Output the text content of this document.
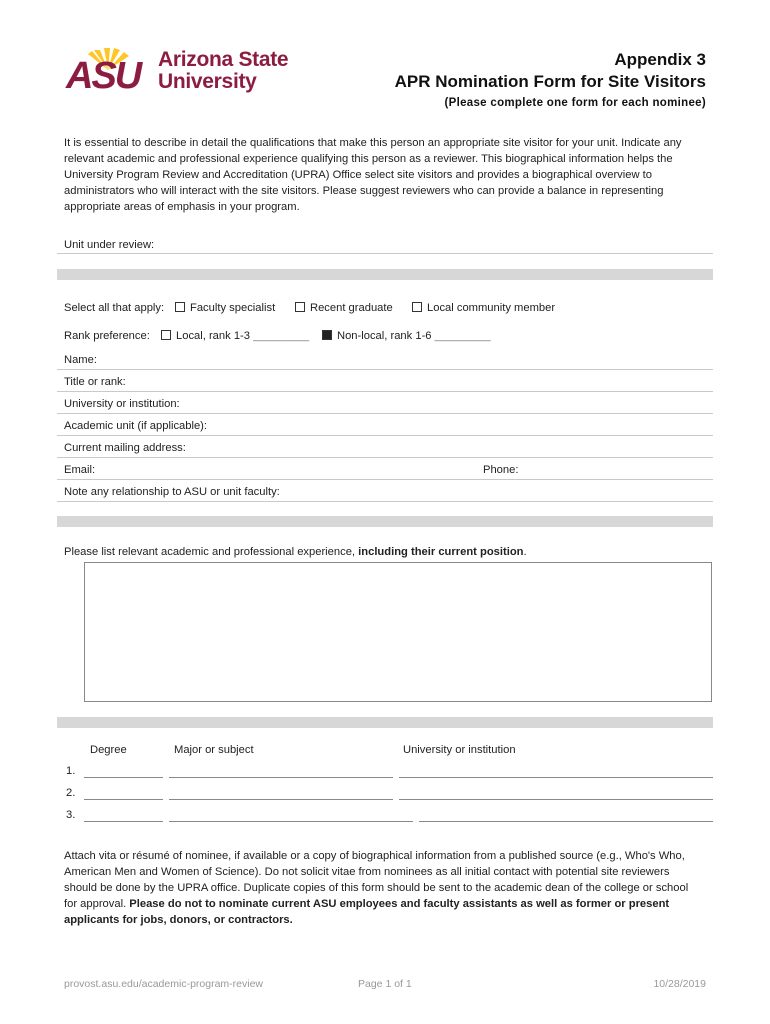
ASU Arizona State
University
Appendix 3
APR Nomination Form for Site Visitors
(Please complete one form for each nominee)
It is essential to describe in detail the qualifications that make this person an appropriate site visitor for your unit. Indicate any relevant academic and professional experience qualifying this person as a reviewer. This biographical information helps the University Program Review and Accreditation (UPRA) Office select site visitors and provides a biographical overview to administrators who will interact with the site visitors. Please suggest reviewers who can provide a balance in representing appropriate areas of emphasis in your program.
Unit under review:
Select all that apply:	Faculty specialist	Recent graduate	Local community member
Rank preference:	Local, rank 1-3 _________	Non-local, rank 1-6 _________
Name:
Title or rank:
University or institution:
Academic unit (if applicable):
Current mailing address:
Email:	Phone:
Note any relationship to ASU or unit faculty:
Please list relevant academic and professional experience, including their current position.
Degree	Major or subject	University or institution
1.
2.
3.
Attach vita or résumé of nominee, if available or a copy of biographical information from a published source (e.g., Who's Who, American Men and Women of Science). Do not solicit vitae from nominees as all initial contact with potential site reviewers should be done by the UPRA office. Duplicate copies of this form should be sent to the academic dean of the college or school for approval. Please do not to nominate current ASU employees and faculty assistants as well as former or present applicants for jobs, donors, or contractors.
provost.asu.edu/academic-program-review	Page 1 of 1	10/28/2019
